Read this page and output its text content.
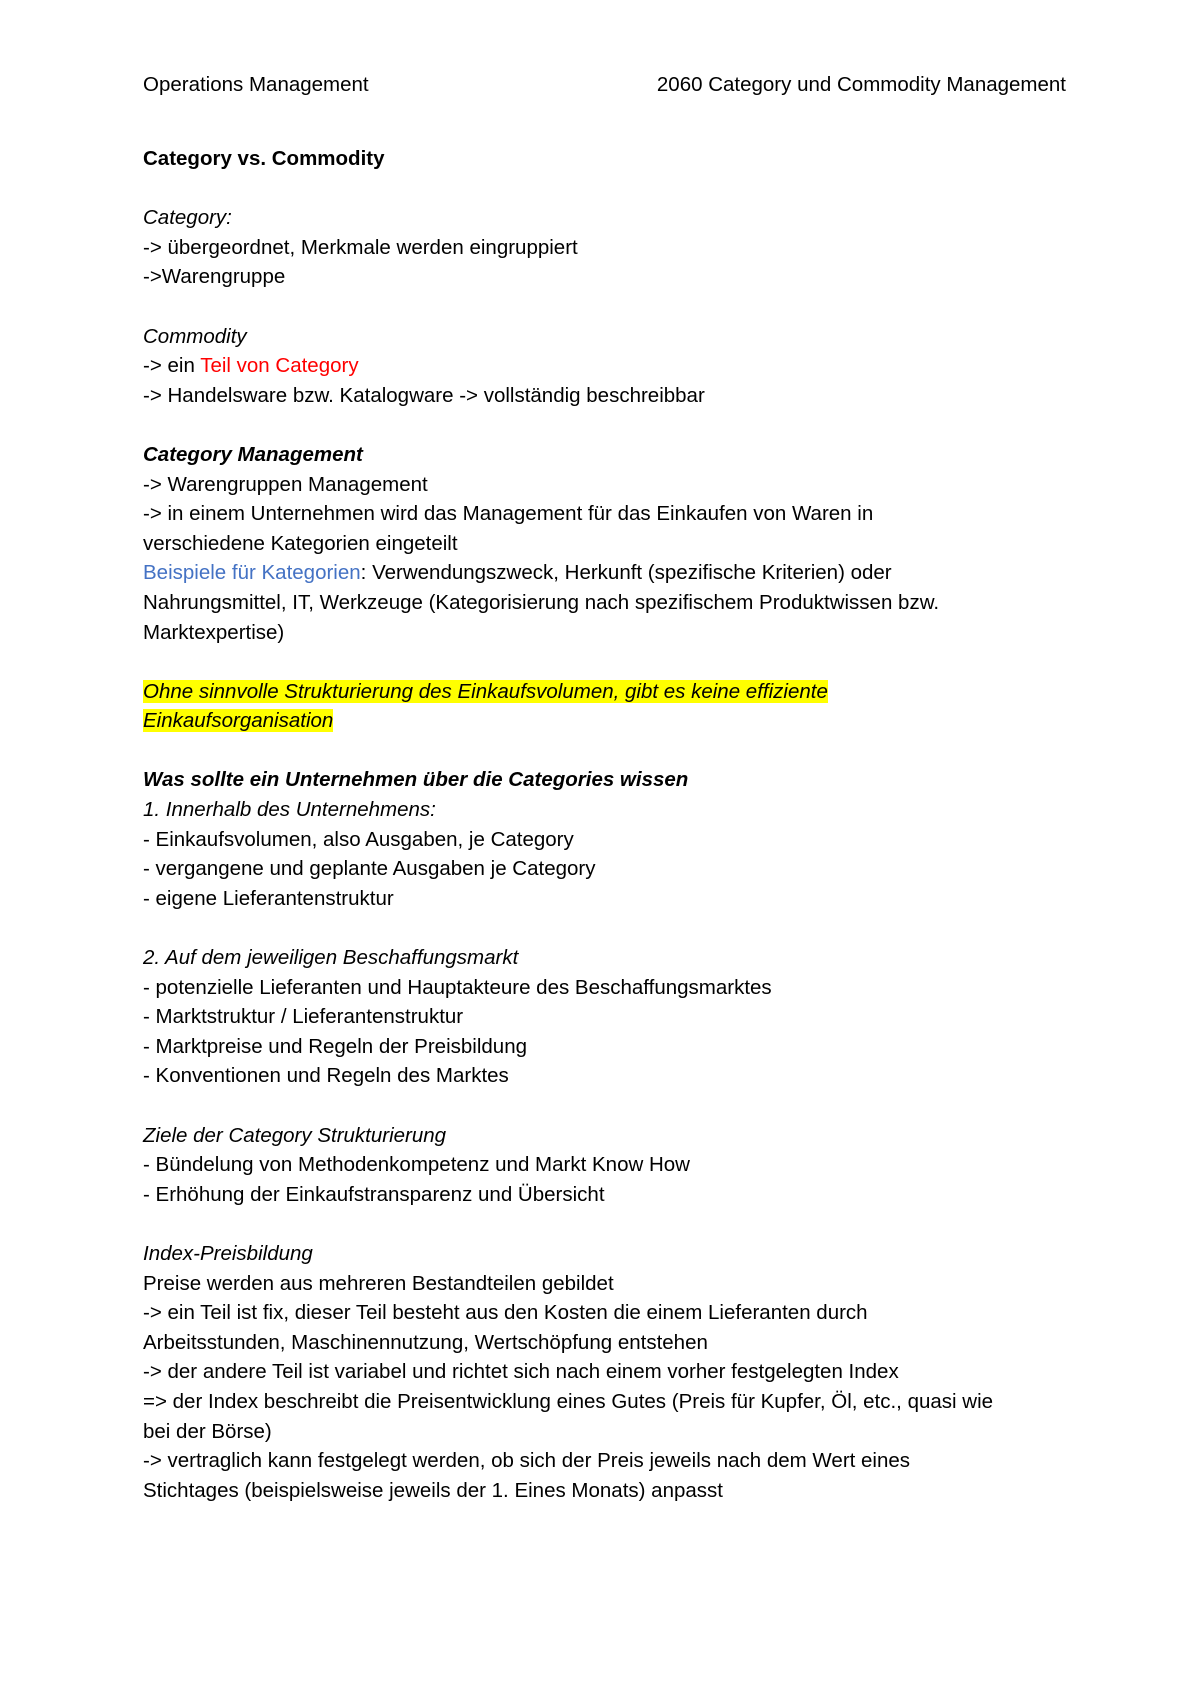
Operations Management	2060 Category und Commodity Management
Category vs. Commodity
Category:
-> übergeordnet, Merkmale werden eingruppiert
->Warengruppe
Commodity
-> ein Teil von Category
-> Handelsware bzw. Katalogware -> vollständig beschreibbar
Category Management
-> Warengruppen Management
-> in einem Unternehmen wird das Management für das Einkaufen von Waren in
verschiedene Kategorien eingeteilt
Beispiele für Kategorien: Verwendungszweck, Herkunft (spezifische Kriterien) oder
Nahrungsmittel, IT, Werkzeuge (Kategorisierung nach spezifischem Produktwissen bzw.
Marktexpertise)
Ohne sinnvolle Strukturierung des Einkaufsvolumen, gibt es keine effiziente
Einkaufsorganisation
Was sollte ein Unternehmen über die Categories wissen
1. Innerhalb des Unternehmens:
- Einkaufsvolumen, also Ausgaben, je Category
- vergangene und geplante Ausgaben je Category
- eigene Lieferantenstruktur
2. Auf dem jeweiligen Beschaffungsmarkt
- potenzielle Lieferanten und Hauptakteure des Beschaffungsmarktes
- Marktstruktur / Lieferantenstruktur
- Marktpreise und Regeln der Preisbildung
- Konventionen und Regeln des Marktes
Ziele der Category Strukturierung
- Bündelung von Methodenkompetenz und Markt Know How
- Erhöhung der Einkaufstransparenz und Übersicht
Index-Preisbildung
Preise werden aus mehreren Bestandteilen gebildet
-> ein Teil ist fix, dieser Teil besteht aus den Kosten die einem Lieferanten durch
Arbeitsstunden, Maschinennutzung, Wertschöpfung entstehen
-> der andere Teil ist variabel und richtet sich nach einem vorher festgelegten Index
=> der Index beschreibt die Preisentwicklung eines Gutes (Preis für Kupfer, Öl, etc., quasi wie
bei der Börse)
-> vertraglich kann festgelegt werden, ob sich der Preis jeweils nach dem Wert eines
Stichtages (beispielsweise jeweils der 1. Eines Monats) anpasst
